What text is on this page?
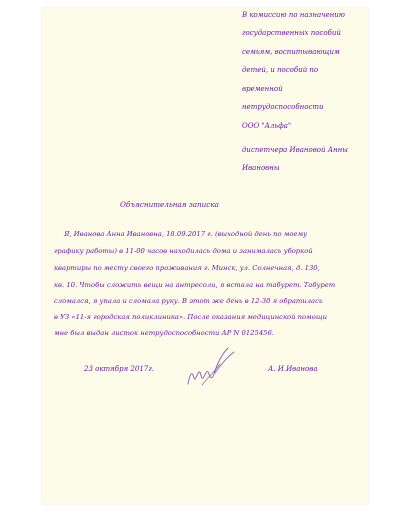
В комиссию по назначению
государственных пособий
семьям, воспитывающим
детей, и пособий по
временной
нетрудоспособности
ООО "Альфа"
диспетчера Ивановой Анны
Ивановны
Объяснительная записка
Я, Иванова Анна Ивановна, 18.09.2017 г. (выходной день по моему
графику работы) в 11-00 часов находилась дома и занималась уборкой
квартиры по месту своего проживания г. Минск, ул. Солнечная, д. 130,
кв. 10. Чтобы сложить вещи на антресоли, я встала на табурет. Табурет
сломался, я упала и сломала руку. В этот же день в 12-30 я обратилась
в УЗ «11-я городская поликлиника». После оказания медицинской помощи
мне был выдан листок нетрудоспособности АР N 0125456.
23 октября 2017г.	А. И.Иванова
